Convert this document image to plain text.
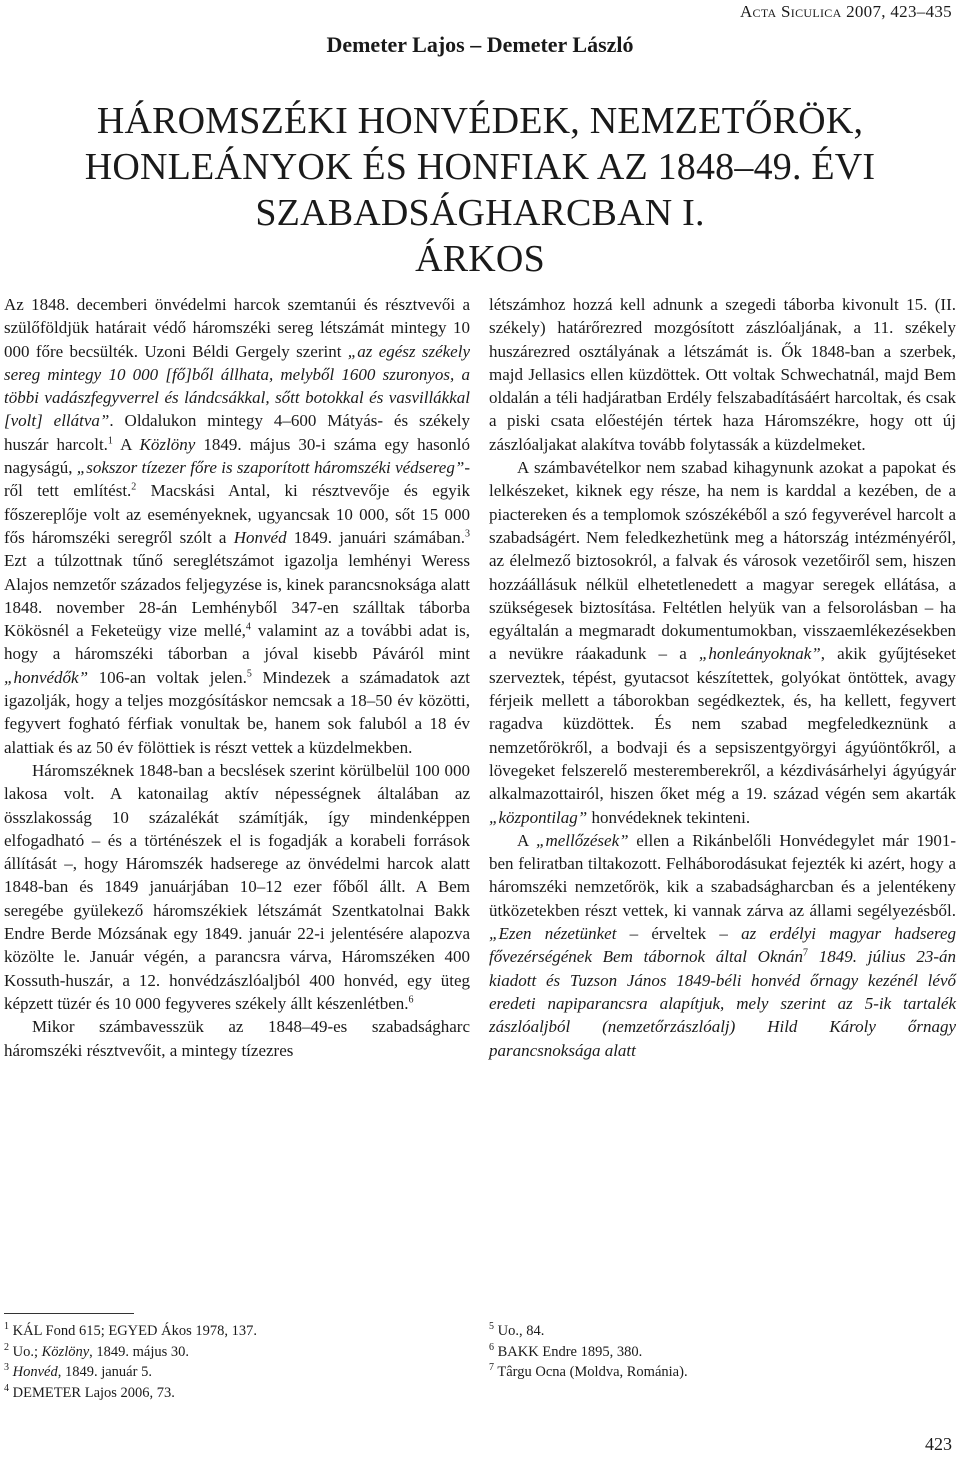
Acta Siculica 2007, 423–435
Demeter Lajos – Demeter László
HÁROMSZÉKI HONVÉDEK, NEMZETŐRÖK,
HONLEÁNYOK ÉS HONFIAK AZ 1848–49. ÉVI
SZABADSÁGHARCBAN I.
ÁRKOS

Az 1848. decemberi önvédelmi harcok szemtanúi és résztvevői a szülőföldjük határait védő háromszéki sereg létszámát mintegy 10 000 főre becsülték. Uzoni Béldi Gergely szerint „az egész székely sereg mintegy 10 000 [fő]ből állhata, melyből 1600 szuronyos, a többi vadászfegyverrel és lándcsákkal, sőtt botokkal és vasvillákkal [volt] ellátva”. Oldalukon mintegy 4–600 Mátyás- és székely huszár harcolt.$^1$ A Közlöny 1849. május 30-i száma egy hasonló nagyságú, „sokszor tízezer főre is szaporított háromszéki védsereg”-ről tett említést.$^2$ Macskási Antal, ki résztvevője és egyik főszereplője volt az eseményeknek, ugyancsak 10 000, sőt 15 000 fős háromszéki seregről szólt a Honvéd 1849. januári számában.$^3$ Ezt a túlzottnak tűnő sereglétszámot igazolja lemhényi Weress Alajos nemzetőr százados feljegyzése is, kinek parancsnoksága alatt 1848. november 28-án Lemhényből 347-en szálltak táborba Kökösnél a Feketeügy vize mellé,$^4$ valamint az a további adat is, hogy a háromszéki táborban a jóval kisebb Páváról mint „honvédők” 106-an voltak jelen.$^5$ Mindezek a számadatok azt igazolják, hogy a teljes mozgósításkor nemcsak a 18–50 év közötti, fegyvert fogható férfiak vonultak be, hanem sok faluból a 18 év alattiak és az 50 év fölöttiek is részt vettek a küzdelmekben.

Háromszéknek 1848-ban a becslések szerint körülbelül 100 000 lakosa volt. A katonailag aktív népességnek általában az összlakosság 10 százalékát számítják, így mindenképpen elfogadható – és a történészek el is fogadják a korabeli források állítását –, hogy Háromszék hadserege az önvédelmi harcok alatt 1848-ban és 1849 januárjában 10–12 ezer főből állt. A Bem seregébe gyülekező háromszékiek létszámát Szentkatolnai Bakk Endre Berde Mózsának egy 1849. január 22-i jelentésére alapozva közölte le. Január végén, a parancsra várva, Háromszéken 400 Kossuth-huszár, a 12. honvédzászlóaljból 400 honvéd, egy üteg képzett tüzér és 10 000 fegyveres székely állt készenlétben.$^6$

Mikor számbavesszük az 1848–49-es szabadságharc háromszéki résztvevőit, a mintegy tízezres

létszámhoz hozzá kell adnunk a szegedi táborba kivonult 15. (II. székely) határőrezred mozgósított zászlóaljának, a 11. székely huszárezred osztályának a létszámát is. Ők 1848-ban a szerbek, majd Jellasics ellen küzdöttek. Ott voltak Schwechatnál, majd Bem oldalán a téli hadjáratban Erdély felszabadításáért harcoltak, és csak a piski csata előestéjén tértek haza Háromszékre, hogy ott új zászlóaljakat alakítva tovább folytassák a küzdelmeket.

A számbavételkor nem szabad kihagynunk azokat a papokat és lelkészeket, kiknek egy része, ha nem is karddal a kezében, de a piactereken és a templomok szószékéből a szó fegyverével harcolt a szabadságért. Nem feledkezhetünk meg a hátország intézményéről, az élelmező biztosokról, a falvak és városok vezetőiről sem, hiszen hozzáállásuk nélkül elhetetlenedett a magyar seregek ellátása, a szükségesek biztosítása. Feltétlen helyük van a felsorolásban – ha egyáltalán a megmaradt dokumentumokban, visszaemlékezésekben a nevükre ráakadunk – a „honleányoknak”, akik gyűjtéseket szerveztek, tépést, gyutacsot készítettek, golyókat öntöttek, avagy férjeik mellett a táborokban segédkeztek, és, ha kellett, fegyvert ragadva küzdöttek. És nem szabad megfeledkeznünk a nemzetőrökről, a bodvaji és a sepsiszentgyörgyi ágyúöntőkről, a lövegeket felszerelő mesteremberekről, a kézdivásárhelyi ágyúgyár alkalmazottairól, hiszen őket még a 19. század végén sem akarták „központilag” honvédeknek tekinteni.

A „mellőzések” ellen a Rikánbelőli Honvédegylet már 1901-ben feliratban tiltakozott. Felháborodásukat fejezték ki azért, hogy a háromszéki nemzetőrök, kik a szabadságharcban és a jelentékeny ütközetekben részt vettek, ki vannak zárva az állami segélyezésből. „Ezen nézetünket – érveltek – az erdélyi magyar hadsereg fővezérségének Bem tábornok által Oknán$^7$ 1849. július 23-án kiadott és Tuzson János 1849-béli honvéd őrnagy kezénél lévő eredeti napiparancsra alapítjuk, mely szerint az 5-ik tartalék zászlóaljból (nemzetőrzászlóalj) Hild Károly őrnagy parancsnoksága alatt

$^1$ KÁL Fond 615; EGYED Ákos 1978, 137.
$^2$ Uo.; Közlöny, 1849. május 30.
$^3$ Honvéd, 1849. január 5.
$^4$ DEMETER Lajos 2006, 73.
$^5$ Uo., 84.
$^6$ BAKK Endre 1895, 380.
$^7$ Târgu Ocna (Moldva, Románia).
423
